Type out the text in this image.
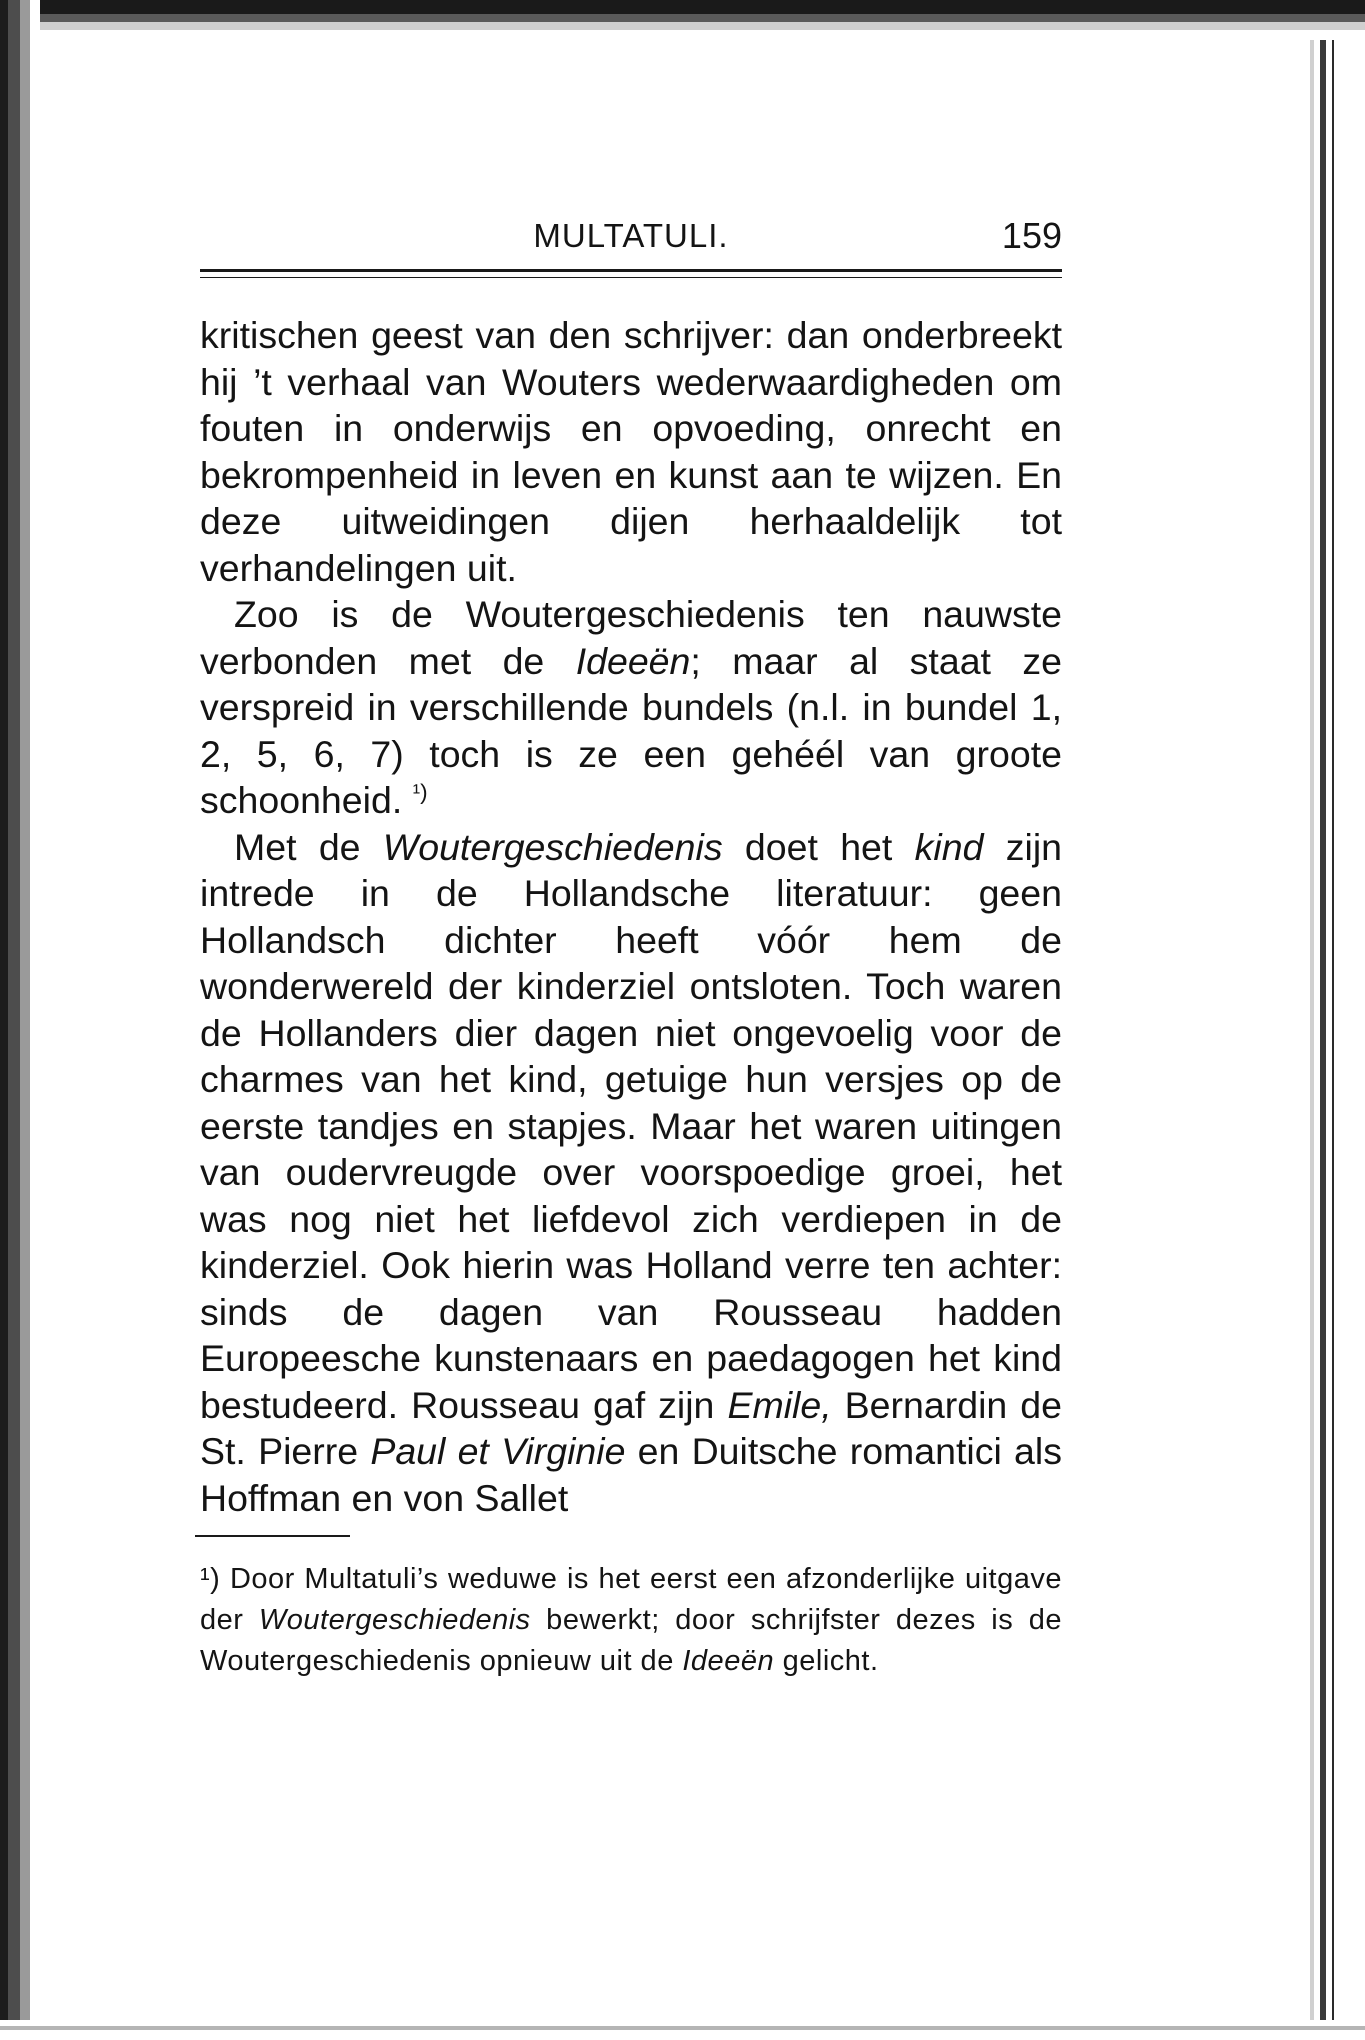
MULTATULI.	159

kritischen geest van den schrijver: dan onderbreekt hij ’t verhaal van Wouters wederwaardigheden om fouten in onderwijs en opvoeding, onrecht en bekrompenheid in leven en kunst aan te wijzen. En deze uitweidingen dijen herhaaldelijk tot verhandelingen uit.

Zoo is de Woutergeschiedenis ten nauwste verbonden met de Ideeën; maar al staat ze verspreid in verschillende bundels (n.l. in bundel 1, 2, 5, 6, 7) toch is ze een gehéél van groote schoonheid. $^{^1)}$

Met de Woutergeschiedenis doet het kind zijn intrede in de Hollandsche literatuur: geen Hollandsch dichter heeft vóór hem de wonderwereld der kinderziel ontsloten. Toch waren de Hollanders dier dagen niet ongevoelig voor de charmes van het kind, getuige hun versjes op de eerste tandjes en stapjes. Maar het waren uitingen van oudervreugde over voorspoedige groei, het was nog niet het liefdevol zich verdiepen in de kinderziel. Ook hierin was Holland verre ten achter: sinds de dagen van Rousseau hadden Europeesche kunstenaars en paedagogen het kind bestudeerd. Rousseau gaf zijn Emile, Bernardin de St. Pierre Paul et Virginie en Duitsche romantici als Hoffman en von Sallet

¹) Door Multatuli’s weduwe is het eerst een afzonderlijke uitgave der Woutergeschiedenis bewerkt; door schrijfster dezes is de Woutergeschiedenis opnieuw uit de Ideeën gelicht.
